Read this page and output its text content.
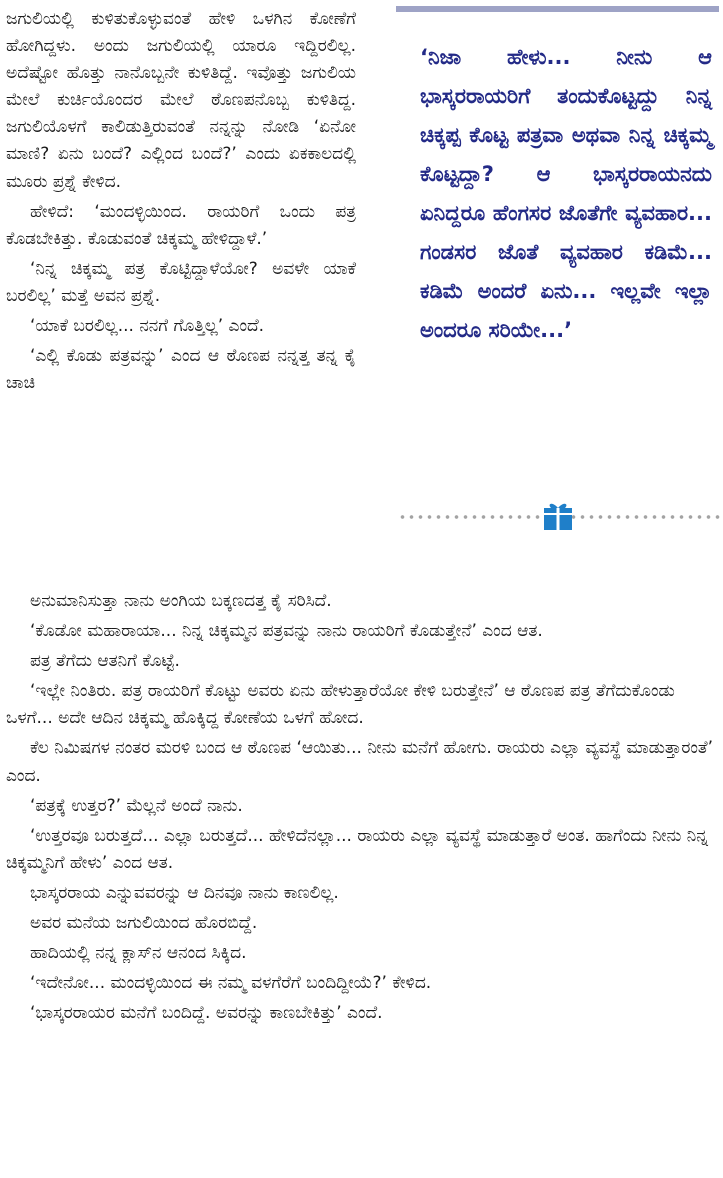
ಜಗುಲಿಯಲ್ಲಿ ಕುಳಿತುಕೊಳ್ಳುವಂತೆ ಹೇಳಿ ಒಳಗಿನ ಕೋಣೆಗೆ ಹೋಗಿದ್ದಳು. ಅಂದು ಜಗುಲಿಯಲ್ಲಿ ಯಾರೂ ಇದ್ದಿರಲಿಲ್ಲ. ಅದೆಷ್ಟೋ ಹೊತ್ತು ನಾನೊಬ್ಬನೇ ಕುಳಿತಿದ್ದೆ. ಇವೊತ್ತು ಜಗುಲಿಯ ಮೇಲೆ ಕುರ್ಚಿಯೊಂದರ ಮೇಲೆ ಠೊಣಪನೊಬ್ಬ ಕುಳಿತಿದ್ದ. ಜಗುಲಿಯೊಳಗೆ ಕಾಲಿಡುತ್ತಿರುವಂತೆ ನನ್ನನ್ನು ನೋಡಿ ‘ಏನೋ ಮಾಣಿ? ಏನು ಬಂದೆ? ಎಲ್ಲಿಂದ ಬಂದೆ?’ ಎಂದು ಏಕಕಾಲದಲ್ಲಿ ಮೂರು ಪ್ರಶ್ನೆ ಕೇಳಿದ.

ಹೇಳಿದೆ: ‘ಮಂದಳ್ಳಿಯಿಂದ. ರಾಯರಿಗೆ ಒಂದು ಪತ್ರ ಕೊಡಬೇಕಿತ್ತು. ಕೊಡುವಂತೆ ಚಿಕ್ಕಮ್ಮ ಹೇಳಿದ್ದಾಳೆ.’

‘ನಿನ್ನ ಚಿಕ್ಕಮ್ಮ ಪತ್ರ ಕೊಟ್ಟಿದ್ದಾಳೆಯೋ? ಅವಳೇ ಯಾಕೆ ಬರಲಿಲ್ಲ’ ಮತ್ತೆ ಅವನ ಪ್ರಶ್ನೆ.

‘ಯಾಕೆ ಬರಲಿಲ್ಲ... ನನಗೆ ಗೊತ್ತಿಲ್ಲ’ ಎಂದೆ.

‘ಎಲ್ಲಿ ಕೊಡು ಪತ್ರವನ್ನು’ ಎಂದ ಆ ಠೊಣಪ ನನ್ನತ್ತ ತನ್ನ ಕೈ ಚಾಚಿ

‘ನಿಜಾ ಹೇಳು... ನೀನು ಆ ಭಾಸ್ಕರರಾಯರಿಗೆ ತಂದುಕೊಟ್ಟದ್ದು ನಿನ್ನ ಚಿಕ್ಕಪ್ಪ ಕೊಟ್ಟ ಪತ್ರವಾ ಅಥವಾ ನಿನ್ನ ಚಿಕ್ಕಮ್ಮ ಕೊಟ್ಟದ್ದಾ? ಆ ಭಾಸ್ಕರರಾಯನದು ಏನಿದ್ದರೂ ಹೆಂಗಸರ ಜೊತೆಗೇ ವ್ಯವಹಾರ... ಗಂಡಸರ ಜೊತೆ ವ್ಯವಹಾರ ಕಡಿಮೆ... ಕಡಿಮೆ ಅಂದರೆ ಏನು... ಇಲ್ಲವೇ ಇಲ್ಲಾ ಅಂದರೂ ಸರಿಯೇ...’

ಅನುಮಾನಿಸುತ್ತಾ ನಾನು ಅಂಗಿಯ ಬಕ್ಕಣದತ್ತ ಕೈ ಸರಿಸಿದೆ.

‘ಕೊಡೋ ಮಹಾರಾಯಾ... ನಿನ್ನ ಚಿಕ್ಕಮ್ಮನ ಪತ್ರವನ್ನು ನಾನು ರಾಯರಿಗೆ ಕೊಡುತ್ತೇನೆ’ ಎಂದ ಆತ.

ಪತ್ರ ತೆಗೆದು ಆತನಿಗೆ ಕೊಟ್ಟೆ.

‘ಇಲ್ಲೇ ನಿಂತಿರು. ಪತ್ರ ರಾಯರಿಗೆ ಕೊಟ್ಟು ಅವರು ಏನು ಹೇಳುತ್ತಾರೆಯೋ ಕೇಳಿ ಬರುತ್ತೇನೆ’ ಆ ಠೊಣಪ ಪತ್ರ ತೆಗೆದುಕೊಂಡು ಒಳಗೆ... ಅದೇ ಆದಿನ ಚಿಕ್ಕಮ್ಮ ಹೊಕ್ಕಿದ್ದ ಕೋಣೆಯ ಒಳಗೆ ಹೋದ.

ಕೆಲ ನಿಮಿಷಗಳ ನಂತರ ಮರಳಿ ಬಂದ ಆ ಠೊಣಪ ‘ಆಯಿತು... ನೀನು ಮನೆಗೆ ಹೋಗು. ರಾಯರು ಎಲ್ಲಾ ವ್ಯವಸ್ಥೆ ಮಾಡುತ್ತಾರಂತೆ’ ಎಂದ.

‘ಪತ್ರಕ್ಕೆ ಉತ್ತರ?’ ಮೆಲ್ಲನೆ ಅಂದೆ ನಾನು.

‘ಉತ್ತರವೂ ಬರುತ್ತದೆ... ಎಲ್ಲಾ ಬರುತ್ತದೆ... ಹೇಳಿದೆನಲ್ಲಾ... ರಾಯರು ಎಲ್ಲಾ ವ್ಯವಸ್ಥೆ ಮಾಡುತ್ತಾರೆ ಅಂತ. ಹಾಗೆಂದು ನೀನು ನಿನ್ನ ಚಿಕ್ಕಮ್ಮನಿಗೆ ಹೇಳು’ ಎಂದ ಆತ.

ಭಾಸ್ಕರರಾಯ ಎನ್ನುವವರನ್ನು ಆ ದಿನವೂ ನಾನು ಕಾಣಲಿಲ್ಲ.

ಅವರ ಮನೆಯ ಜಗುಲಿಯಿಂದ ಹೊರಬಿದ್ದೆ.

ಹಾದಿಯಲ್ಲಿ ನನ್ನ ಕ್ಲಾಸ್‌ನ ಆನಂದ ಸಿಕ್ಕಿದ.

‘ಇದೇನೋ... ಮಂದಳ್ಳಿಯಿಂದ ಈ ನಮ್ಮ ವಳಗೆರೆಗೆ ಬಂದಿದ್ದೀಯೆ?’ ಕೇಳಿದ.

‘ಭಾಸ್ಕರರಾಯರ ಮನೆಗೆ ಬಂದಿದ್ದೆ. ಅವರನ್ನು ಕಾಣಬೇಕಿತ್ತು’ ಎಂದೆ.
